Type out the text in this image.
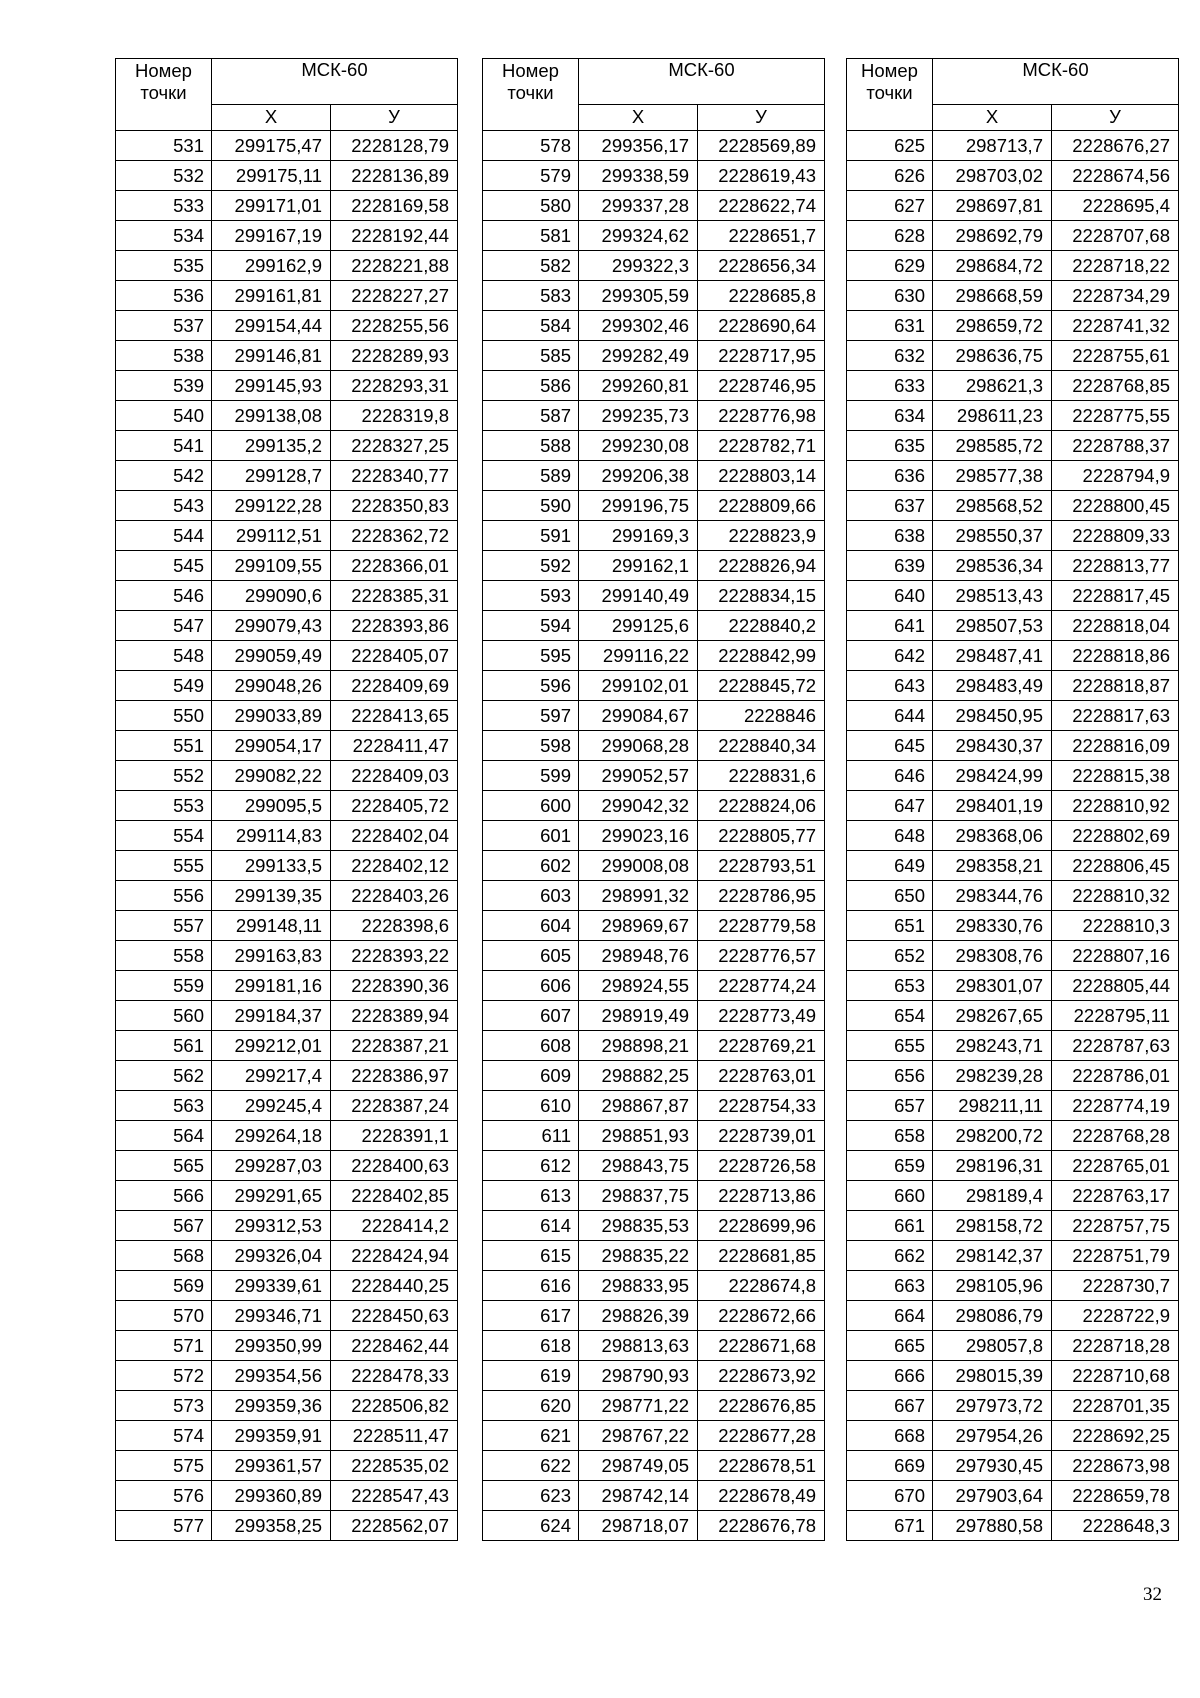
Номер
точки	МСК-60	
	Х	У
531	299175,47	2228128,79
532	299175,11	2228136,89
533	299171,01	2228169,58
534	299167,19	2228192,44
535	299162,9	2228221,88
536	299161,81	2228227,27
537	299154,44	2228255,56
538	299146,81	2228289,93
539	299145,93	2228293,31
540	299138,08	2228319,8
541	299135,2	2228327,25
542	299128,7	2228340,77
543	299122,28	2228350,83
544	299112,51	2228362,72
545	299109,55	2228366,01
546	299090,6	2228385,31
547	299079,43	2228393,86
548	299059,49	2228405,07
549	299048,26	2228409,69
550	299033,89	2228413,65
551	299054,17	2228411,47
552	299082,22	2228409,03
553	299095,5	2228405,72
554	299114,83	2228402,04
555	299133,5	2228402,12
556	299139,35	2228403,26
557	299148,11	2228398,6
558	299163,83	2228393,22
559	299181,16	2228390,36
560	299184,37	2228389,94
561	299212,01	2228387,21
562	299217,4	2228386,97
563	299245,4	2228387,24
564	299264,18	2228391,1
565	299287,03	2228400,63
566	299291,65	2228402,85
567	299312,53	2228414,2
568	299326,04	2228424,94
569	299339,61	2228440,25
570	299346,71	2228450,63
571	299350,99	2228462,44
572	299354,56	2228478,33
573	299359,36	2228506,82
574	299359,91	2228511,47
575	299361,57	2228535,02
576	299360,89	2228547,43
577	299358,25	2228562,07
Номер
точки	МСК-60	
	Х	У
578	299356,17	2228569,89
579	299338,59	2228619,43
580	299337,28	2228622,74
581	299324,62	2228651,7
582	299322,3	2228656,34
583	299305,59	2228685,8
584	299302,46	2228690,64
585	299282,49	2228717,95
586	299260,81	2228746,95
587	299235,73	2228776,98
588	299230,08	2228782,71
589	299206,38	2228803,14
590	299196,75	2228809,66
591	299169,3	2228823,9
592	299162,1	2228826,94
593	299140,49	2228834,15
594	299125,6	2228840,2
595	299116,22	2228842,99
596	299102,01	2228845,72
597	299084,67	2228846
598	299068,28	2228840,34
599	299052,57	2228831,6
600	299042,32	2228824,06
601	299023,16	2228805,77
602	299008,08	2228793,51
603	298991,32	2228786,95
604	298969,67	2228779,58
605	298948,76	2228776,57
606	298924,55	2228774,24
607	298919,49	2228773,49
608	298898,21	2228769,21
609	298882,25	2228763,01
610	298867,87	2228754,33
611	298851,93	2228739,01
612	298843,75	2228726,58
613	298837,75	2228713,86
614	298835,53	2228699,96
615	298835,22	2228681,85
616	298833,95	2228674,8
617	298826,39	2228672,66
618	298813,63	2228671,68
619	298790,93	2228673,92
620	298771,22	2228676,85
621	298767,22	2228677,28
622	298749,05	2228678,51
623	298742,14	2228678,49
624	298718,07	2228676,78
Номер
точки	МСК-60	
	Х	У
625	298713,7	2228676,27
626	298703,02	2228674,56
627	298697,81	2228695,4
628	298692,79	2228707,68
629	298684,72	2228718,22
630	298668,59	2228734,29
631	298659,72	2228741,32
632	298636,75	2228755,61
633	298621,3	2228768,85
634	298611,23	2228775,55
635	298585,72	2228788,37
636	298577,38	2228794,9
637	298568,52	2228800,45
638	298550,37	2228809,33
639	298536,34	2228813,77
640	298513,43	2228817,45
641	298507,53	2228818,04
642	298487,41	2228818,86
643	298483,49	2228818,87
644	298450,95	2228817,63
645	298430,37	2228816,09
646	298424,99	2228815,38
647	298401,19	2228810,92
648	298368,06	2228802,69
649	298358,21	2228806,45
650	298344,76	2228810,32
651	298330,76	2228810,3
652	298308,76	2228807,16
653	298301,07	2228805,44
654	298267,65	2228795,11
655	298243,71	2228787,63
656	298239,28	2228786,01
657	298211,11	2228774,19
658	298200,72	2228768,28
659	298196,31	2228765,01
660	298189,4	2228763,17
661	298158,72	2228757,75
662	298142,37	2228751,79
663	298105,96	2228730,7
664	298086,79	2228722,9
665	298057,8	2228718,28
666	298015,39	2228710,68
667	297973,72	2228701,35
668	297954,26	2228692,25
669	297930,45	2228673,98
670	297903,64	2228659,78
671	297880,58	2228648,3
32
